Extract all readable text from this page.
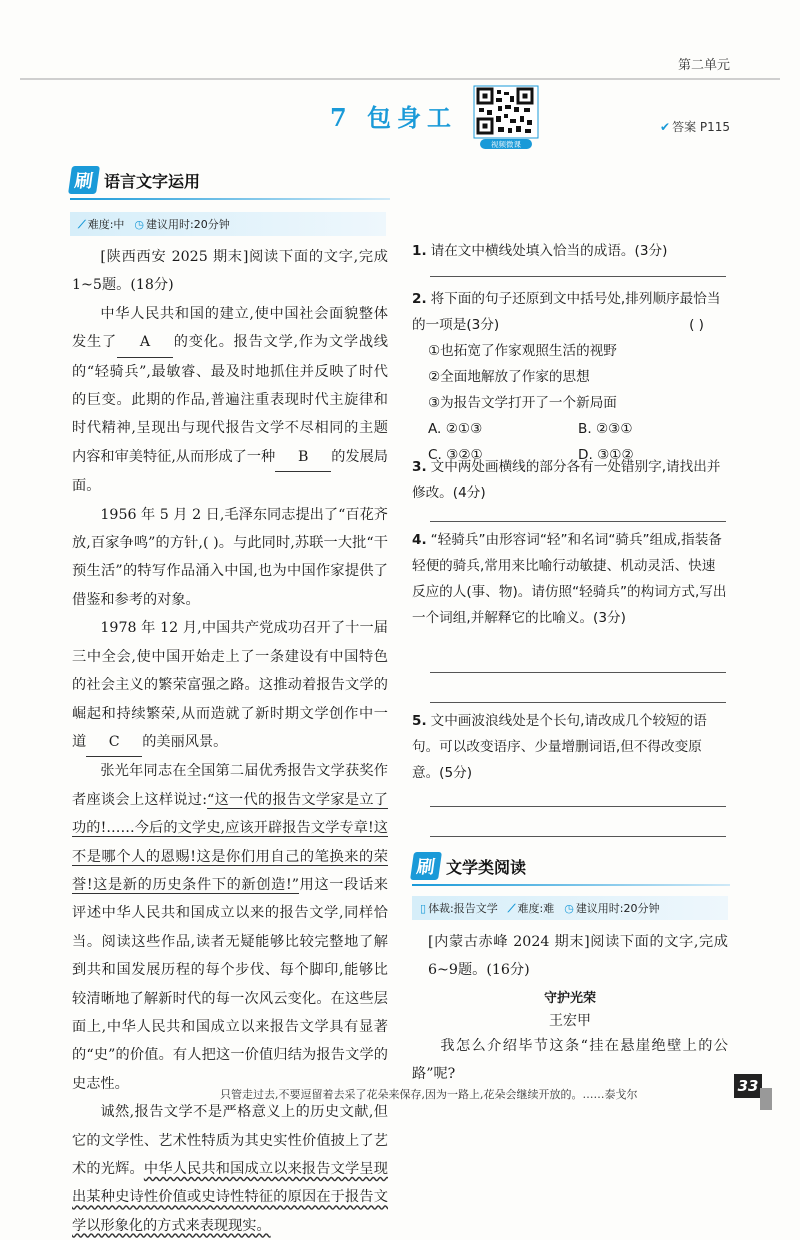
第二单元
7 包身工
视频微课
✔ 答案 P115
刷 语言文字运用
⟋ 难度:中 ◷ 建议用时:20分钟

[陕西西安 2025 期末]阅读下面的文字,完成1~5题。(18分)

中华人民共和国的建立,使中国社会面貌整体发生了 A 的变化。报告文学,作为文学战线的“轻骑兵”,最敏睿、最及时地抓住并反映了时代的巨变。此期的作品,普遍注重表现时代主旋律和时代精神,呈现出与现代报告文学不尽相同的主题内容和审美特征,从而形成了一种 B 的发展局面。

1956 年 5 月 2 日,毛泽东同志提出了“百花齐放,百家争鸣”的方针,( )。与此同时,苏联一大批“干预生活”的特写作品涌入中国,也为中国作家提供了借鉴和参考的对象。

1978 年 12 月,中国共产党成功召开了十一届三中全会,使中国开始走上了一条建设有中国特色的社会主义的繁荣富强之路。这推动着报告文学的崛起和持续繁荣,从而造就了新时期文学创作中一道 C 的美丽风景。

张光年同志在全国第二届优秀报告文学获奖作者座谈会上这样说过:“这一代的报告文学家是立了功的!……今后的文学史,应该开辟报告文学专章!这不是哪个人的恩赐!这是你们用自己的笔换来的荣誉!这是新的历史条件下的新创造!”用这一段话来评述中华人民共和国成立以来的报告文学,同样恰当。阅读这些作品,读者无疑能够比较完整地了解到共和国发展历程的每个步伐、每个脚印,能够比较清晰地了解新时代的每一次风云变化。在这些层面上,中华人民共和国成立以来报告文学具有显著的“史”的价值。有人把这一价值归结为报告文学的史志性。

诚然,报告文学不是严格意义上的历史文献,但它的文学性、艺术性特质为其史实性价值披上了艺术的光辉。中华人民共和国成立以来报告文学呈现出某种史诗性价值或史诗性特征的原因在于报告文学以形象化的方式来表现现实。

1. 请在文中横线处填入恰当的成语。(3分)
2. 将下面的句子还原到文中括号处,排列顺序最恰当的一项是(3分)	( )
①也拓宽了作家观照生活的视野
②全面地解放了作家的思想
③为报告文学打开了一个新局面
A. ②①③	B. ②③①
C. ③②①	D. ③①②
3. 文中两处画横线的部分各有一处错别字,请找出并修改。(4分)
4. “轻骑兵”由形容词“轻”和名词“骑兵”组成,指装备轻便的骑兵,常用来比喻行动敏捷、机动灵活、快速反应的人(事、物)。请仿照“轻骑兵”的构词方式,写出一个词组,并解释它的比喻义。(3分)
5. 文中画波浪线处是个长句,请改成几个较短的语句。可以改变语序、少量增删词语,但不得改变原意。(5分)
刷 文学类阅读
▯ 体裁:报告文学 ⟋ 难度:难 ◷ 建议用时:20分钟

[内蒙古赤峰 2024 期末]阅读下面的文字,完成6~9题。(16分)

守护光荣
王宏甲

我怎么介绍毕节这条“挂在悬崖绝壁上的公路”呢?

只管走过去,不要逗留着去采了花朵来保存,因为一路上,花朵会继续开放的。……泰戈尔	33
